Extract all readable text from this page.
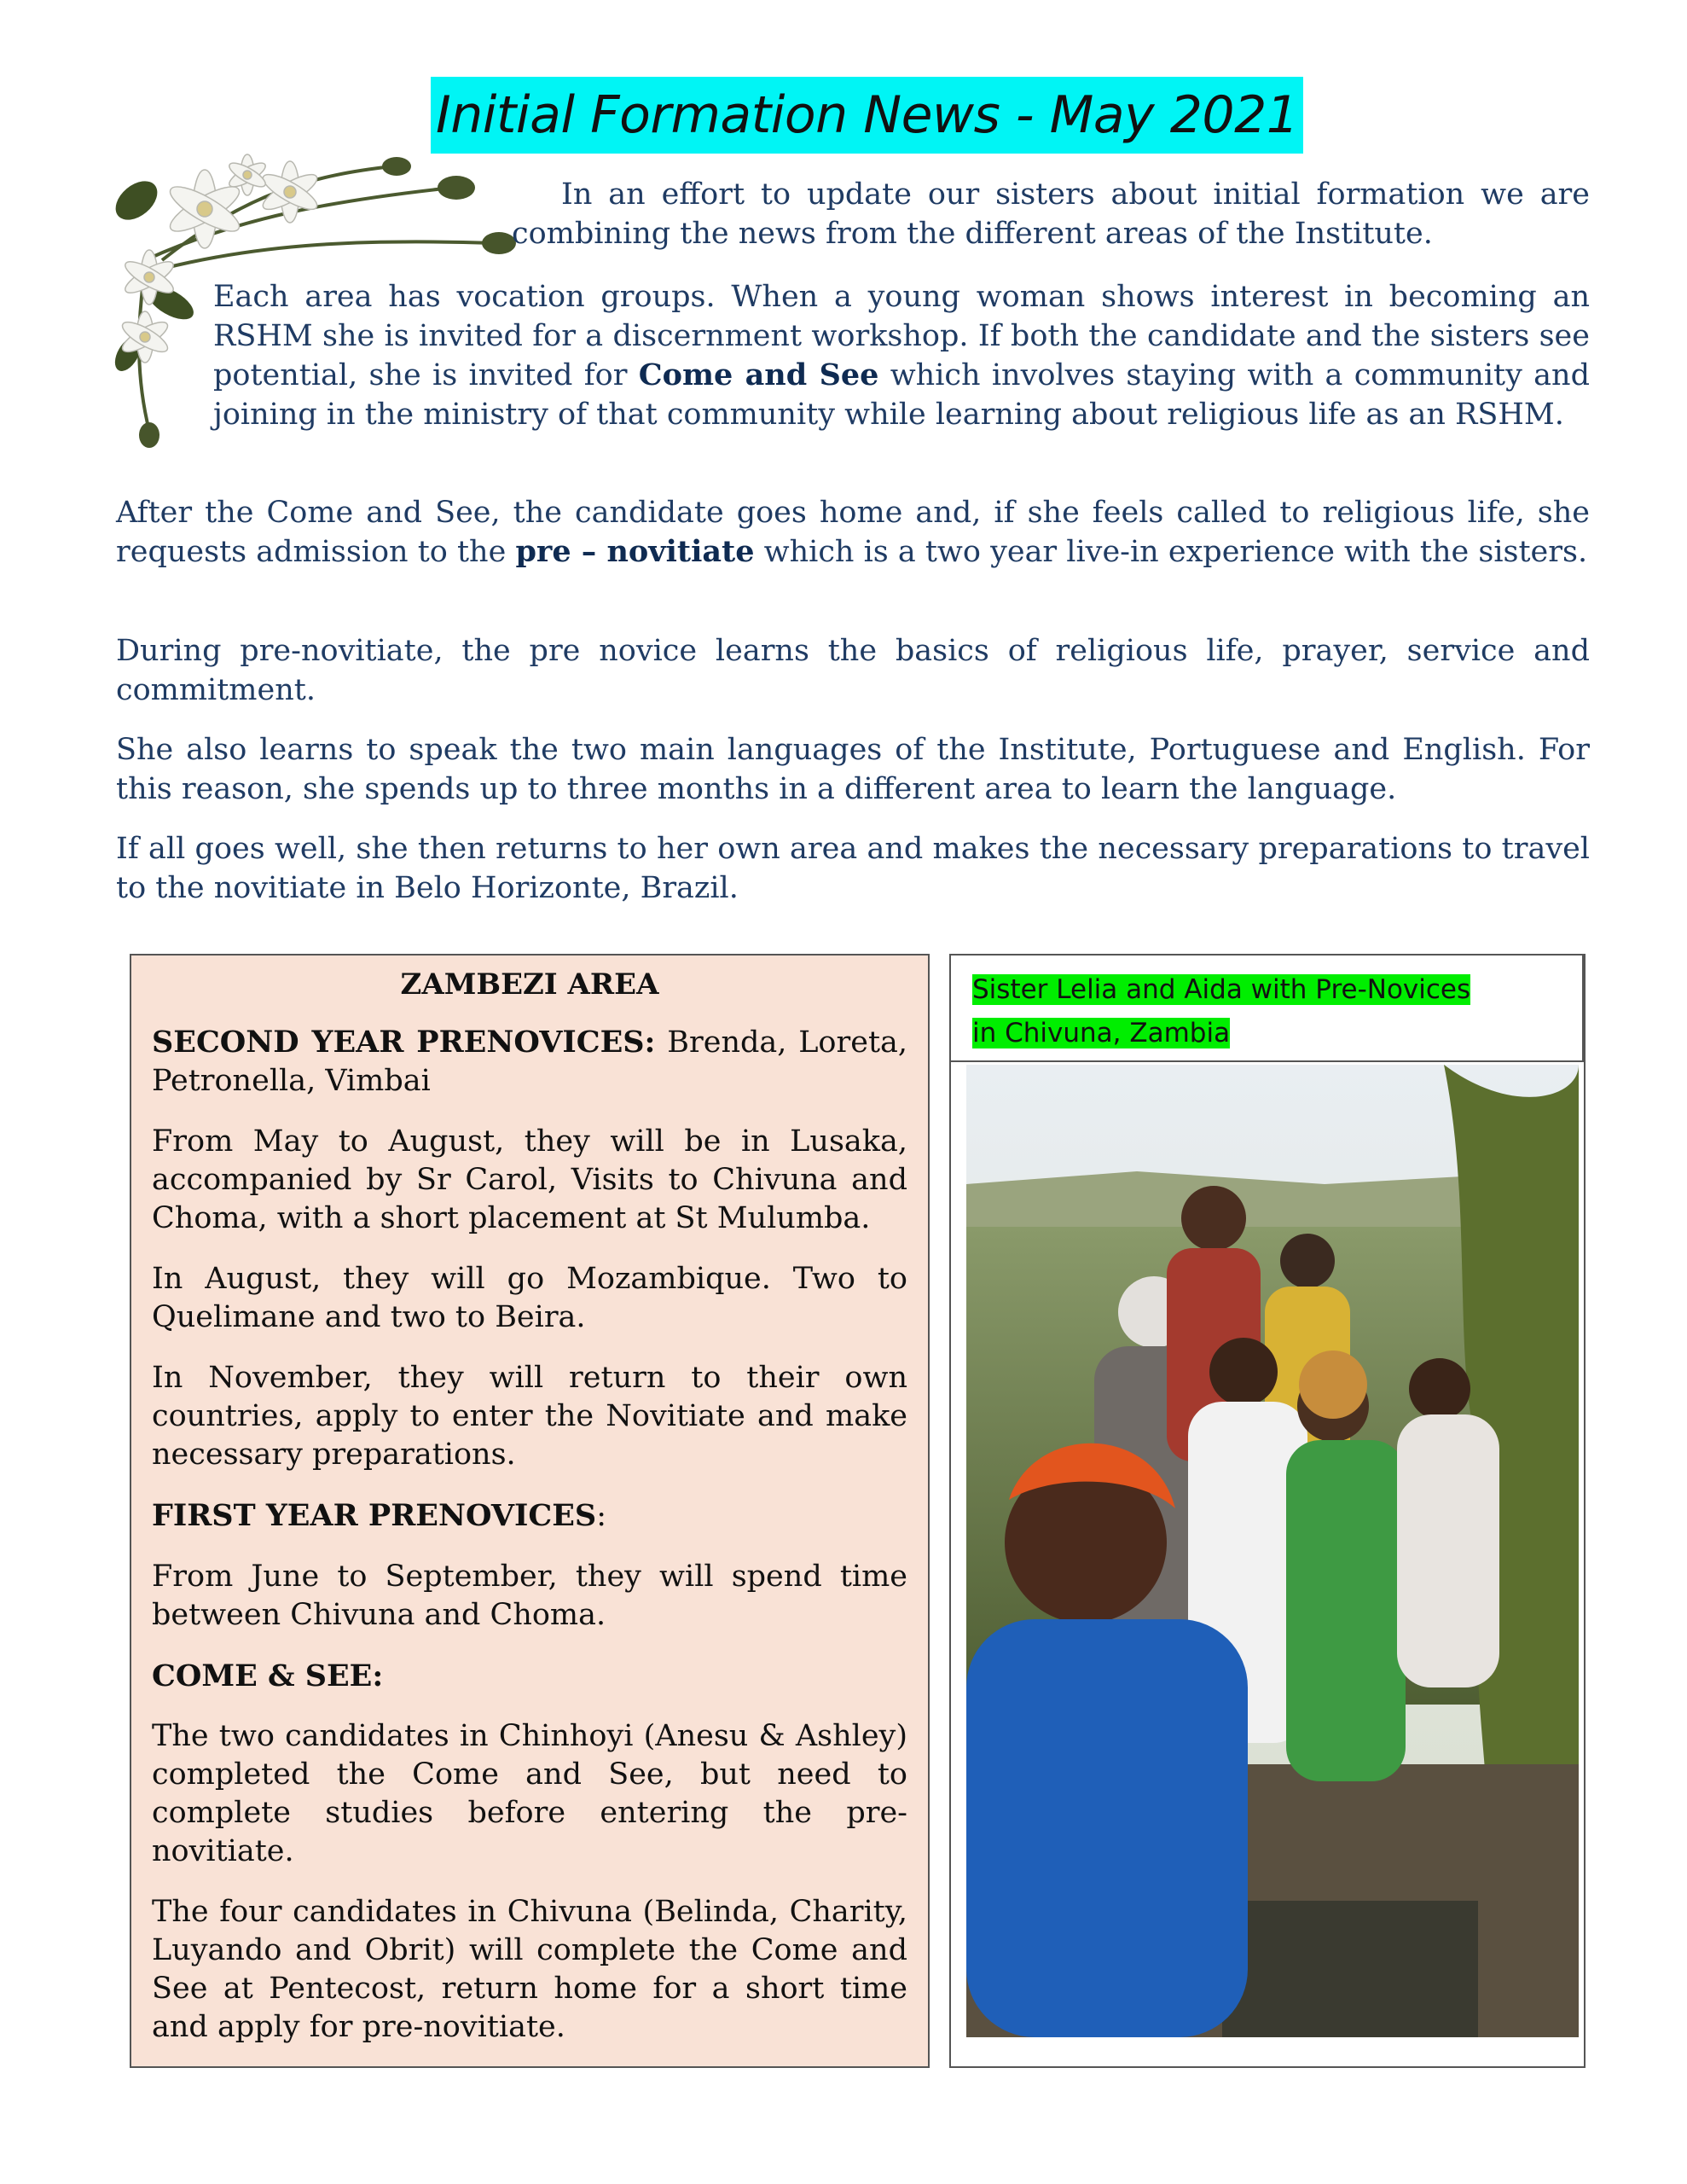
Initial Formation News - May 2021

In an effort to update our sisters about initial formation we are combining the news from the different areas of the Institute.

Each area has vocation groups. When a young woman shows interest in becoming an RSHM she is invited for a discernment workshop. If both the candidate and the sisters see potential, she is invited for Come and See which involves staying with a community and joining in the ministry of that community while learning about religious life as an RSHM.

After the Come and See, the candidate goes home and, if she feels called to religious life, she requests admission to the pre – novitiate which is a two year live-in experience with the sisters.

During pre-novitiate, the pre novice learns the basics of religious life, prayer, service and commitment.

She also learns to speak the two main languages of the Institute, Portuguese and English. For this reason, she spends up to three months in a different area to learn the language.

If all goes well, she then returns to her own area and makes the necessary preparations to travel to the novitiate in Belo Horizonte, Brazil.

ZAMBEZI AREA

SECOND YEAR PRENOVICES: Brenda, Loreta, Petronella, Vimbai

From May to August, they will be in Lusaka, accompanied by Sr Carol, Visits to Chivuna and Choma, with a short placement at St Mulumba.

In August, they will go Mozambique. Two to Quelimane and two to Beira.

In November, they will return to their own countries, apply to enter the Novitiate and make necessary preparations.

FIRST YEAR PRENOVICES:

From June to September, they will spend time between Chivuna and Choma.

COME & SEE:

The two candidates in Chinhoyi (Anesu & Ashley) completed the Come and See, but need to complete studies before entering the pre-novitiate.

The four candidates in Chivuna (Belinda, Charity, Luyando and Obrit) will complete the Come and See at Pentecost, return home for a short time and apply for pre-novitiate.

Sister Lelia and Aida with Pre-Novices in Chivuna, Zambia
